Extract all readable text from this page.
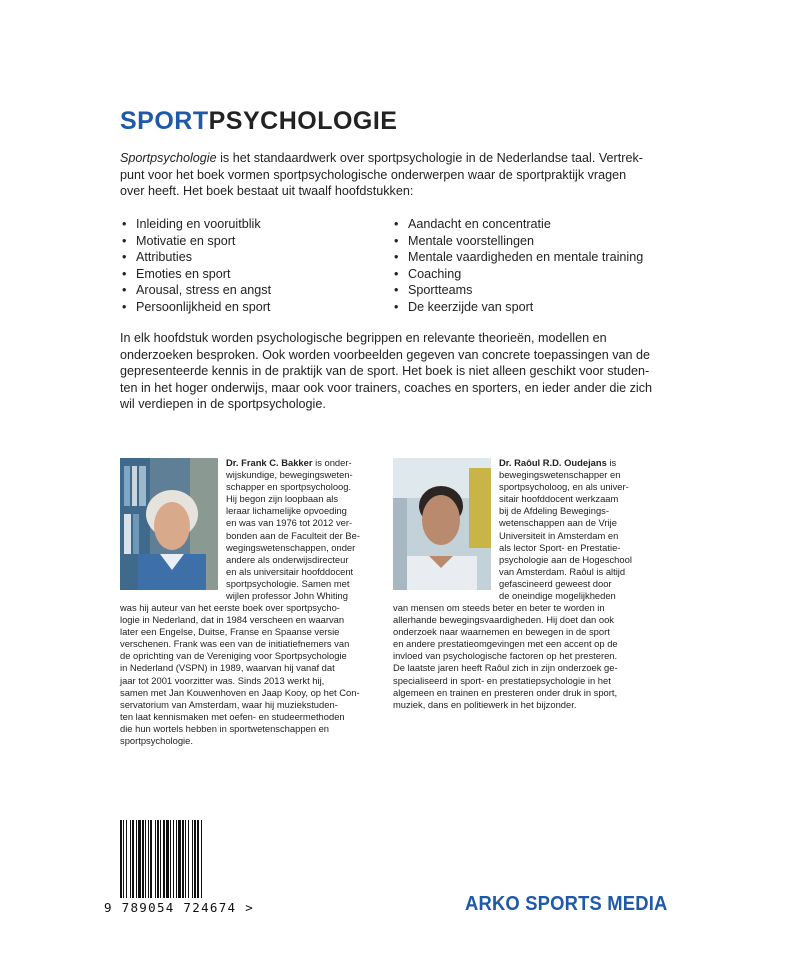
SPORTPSYCHOLOGIE
Sportpsychologie is het standaardwerk over sportpsychologie in de Nederlandse taal. Vertrek-
punt voor het boek vormen sportpsychologische onderwerpen waar de sportpraktijk vragen
over heeft. Het boek bestaat uit twaalf hoofdstukken:
• Inleiding en vooruitblik
• Motivatie en sport
• Attributies
• Emoties en sport
• Arousal, stress en angst
• Persoonlijkheid en sport
• Aandacht en concentratie
• Mentale voorstellingen
• Mentale vaardigheden en mentale training
• Coaching
• Sportteams
• De keerzijde van sport
In elk hoofdstuk worden psychologische begrippen en relevante theorieën, modellen en
onderzoeken besproken. Ook worden voorbeelden gegeven van concrete toepassingen van de
gepresenteerde kennis in de praktijk van de sport. Het boek is niet alleen geschikt voor studen-
ten in het hoger onderwijs, maar ook voor trainers, coaches en sporters, en ieder ander die zich
wil verdiepen in de sportpsychologie.
Dr. Frank C. Bakker is onder-
wijskundige, bewegingsweten-
schapper en sportpsycholoog.
Hij begon zijn loopbaan als
leraar lichamelijke opvoeding
en was van 1976 tot 2012 ver-
bonden aan de Faculteit der Be-
wegingswetenschappen, onder
andere als onderwijsdirecteur
en als universitair hoofddocent
sportpsychologie. Samen met
wijlen professor John Whiting
was hij auteur van het eerste boek over sportpsycho-
logie in Nederland, dat in 1984 verscheen en waarvan
later een Engelse, Duitse, Franse en Spaanse versie
verschenen. Frank was een van de initiatiefnemers van
de oprichting van de Vereniging voor Sportpsychologie
in Nederland (VSPN) in 1989, waarvan hij vanaf dat
jaar tot 2001 voorzitter was. Sinds 2013 werkt hij,
samen met Jan Kouwenhoven en Jaap Kooy, op het Con-
servatorium van Amsterdam, waar hij muziekstuden-
ten laat kennismaken met oefen- en studeermethoden
die hun wortels hebben in sportwetenschappen en
sportpsychologie.
Dr. Raôul R.D. Oudejans is
bewegingswetenschapper en
sportpsycholoog, en als univer-
sitair hoofddocent werkzaam
bij de Afdeling Bewegings-
wetenschappen aan de Vrije
Universiteit in Amsterdam en
als lector Sport- en Prestatie-
psychologie aan de Hogeschool
van Amsterdam. Raôul is altijd
gefascineerd geweest door
de oneindige mogelijkheden
van mensen om steeds beter en beter te worden in
allerhande bewegingsvaardigheden. Hij doet dan ook
onderzoek naar waarnemen en bewegen in de sport
en andere prestatieomgevingen met een accent op de
invloed van psychologische factoren op het presteren.
De laatste jaren heeft Raôul zich in zijn onderzoek ge-
specialiseerd in sport- en prestatiepsychologie in het
algemeen en trainen en presteren onder druk in sport,
muziek, dans en politiewerk in het bijzonder.
9 789054 724674 >	ARKO SPORTS MEDIA
